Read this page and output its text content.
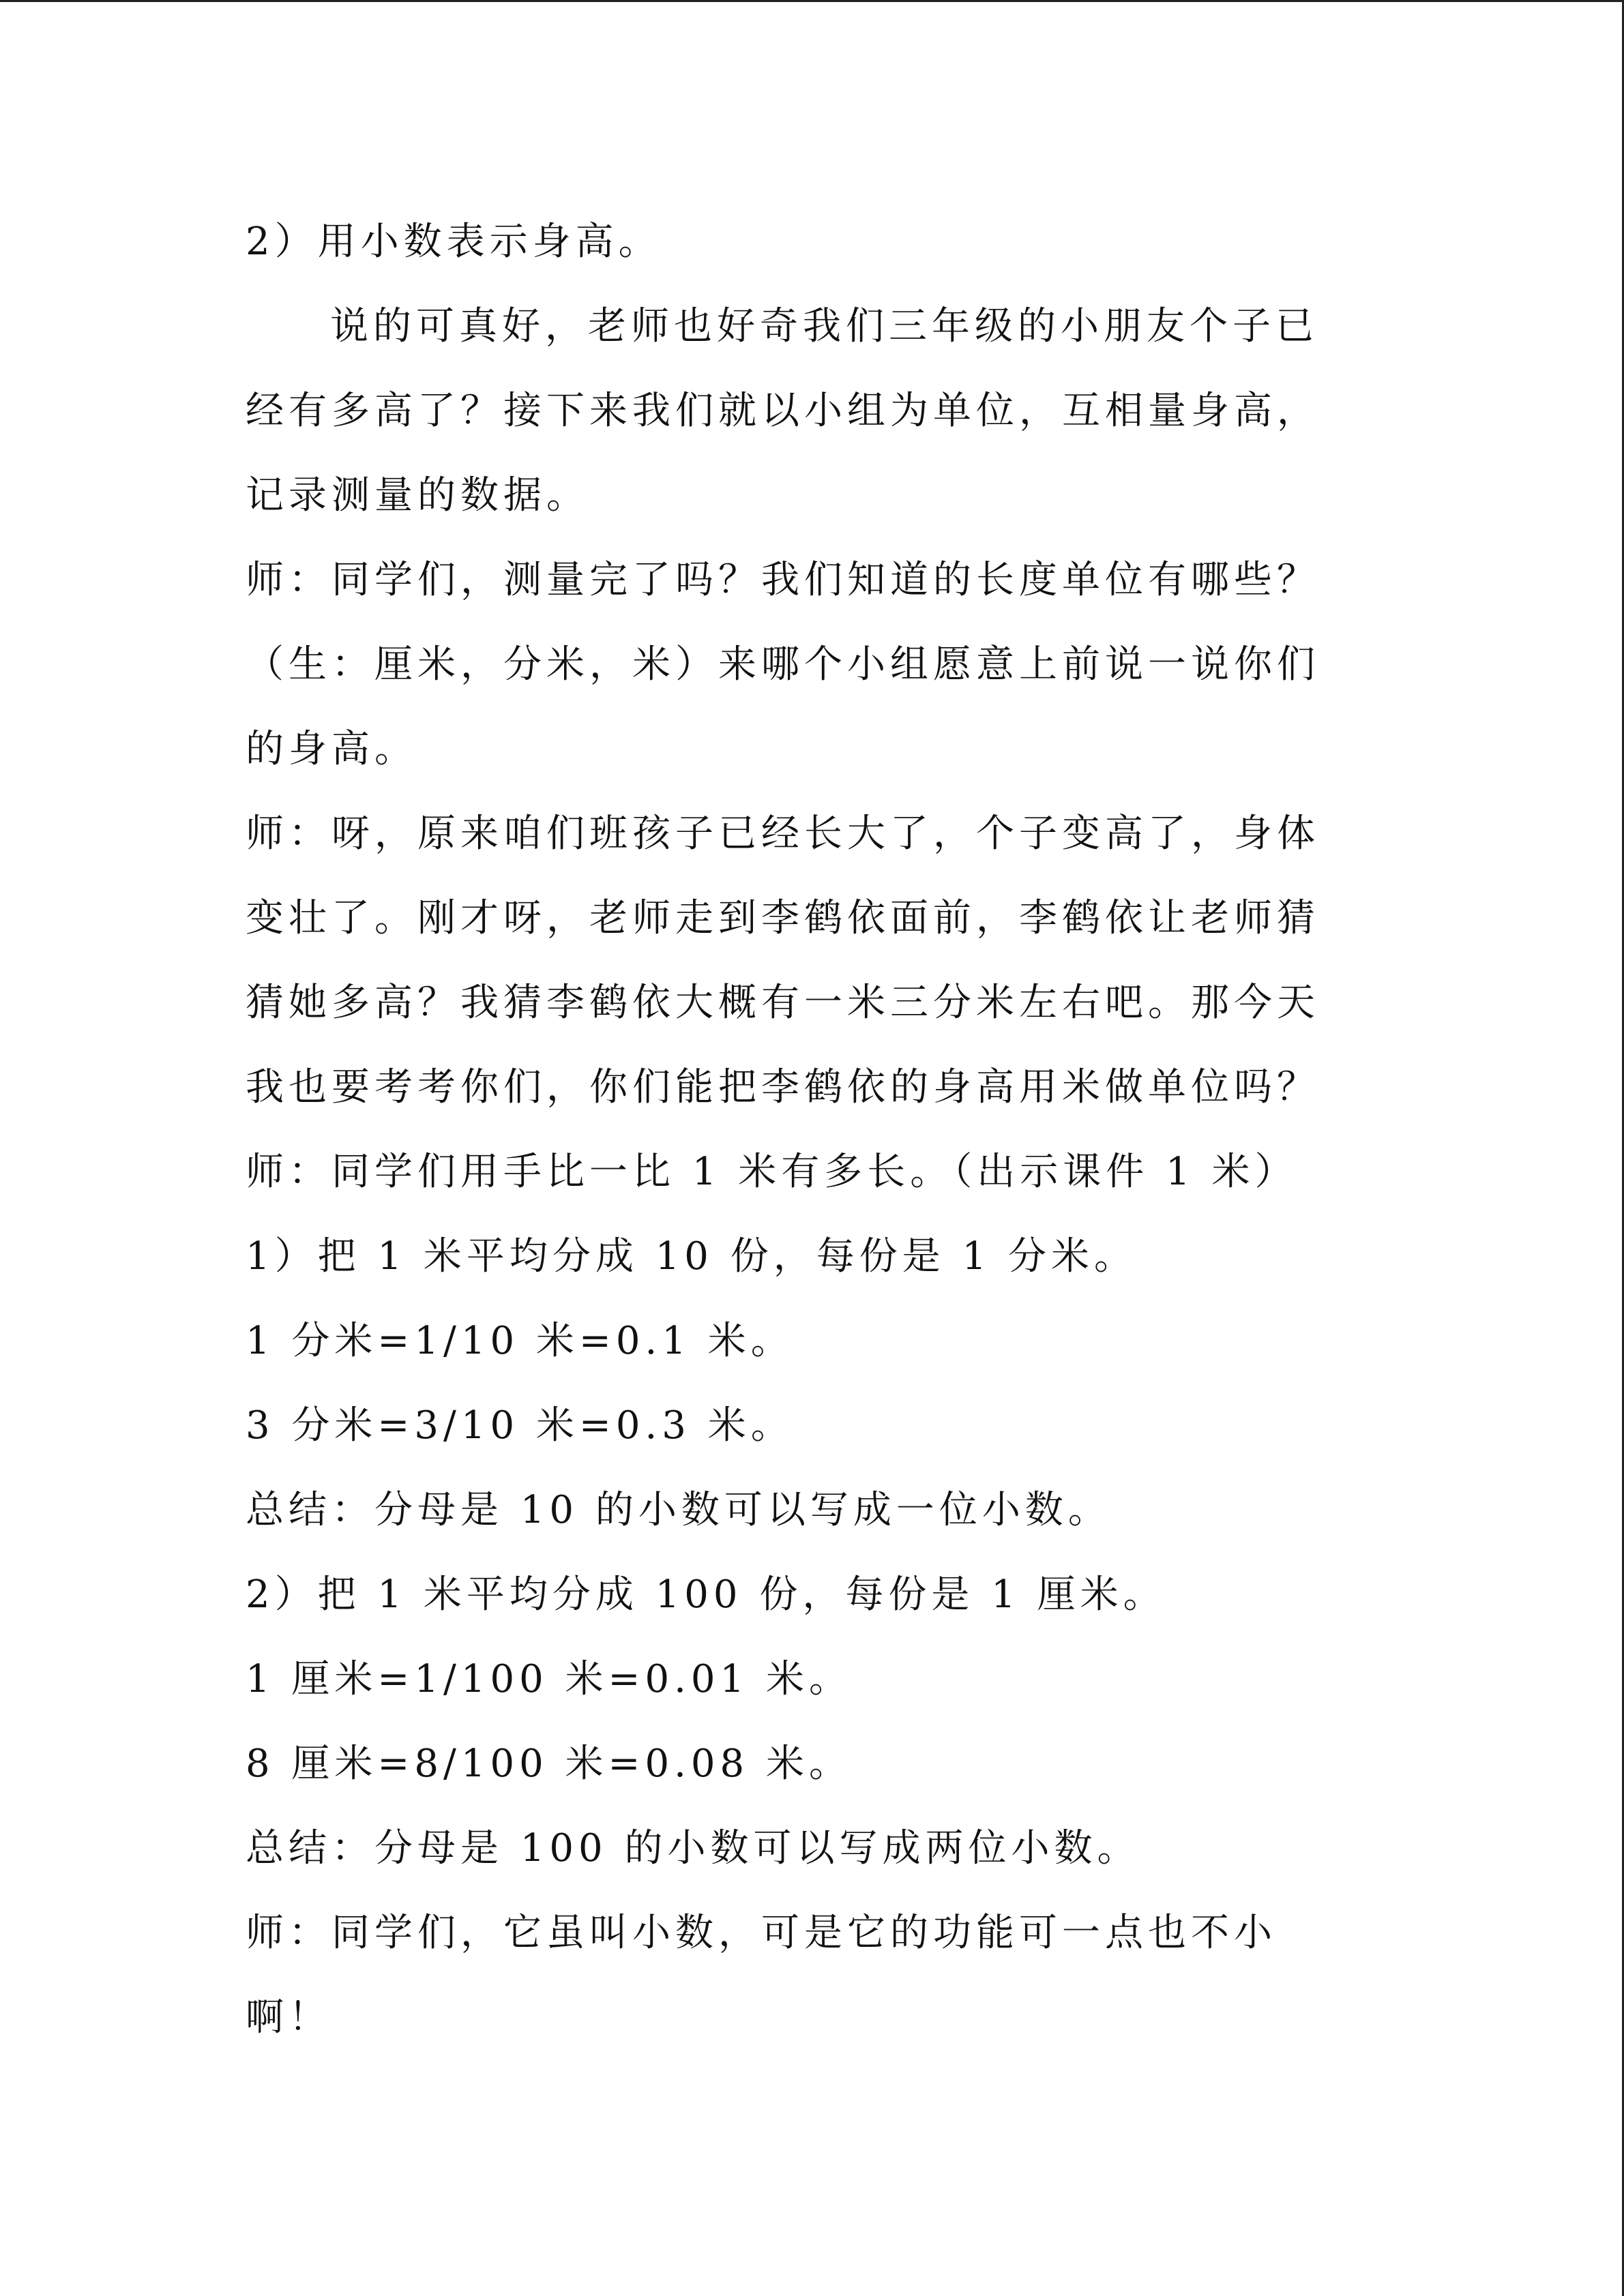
2）用小数表示身高。
说的可真好，老师也好奇我们三年级的小朋友个子已
经有多高了？接下来我们就以小组为单位，互相量身高，
记录测量的数据。
师：同学们，测量完了吗？我们知道的长度单位有哪些？
（生：厘米，分米，米）来哪个小组愿意上前说一说你们
的身高。
师：呀，原来咱们班孩子已经长大了，个子变高了，身体
变壮了。刚才呀，老师走到李鹤依面前，李鹤依让老师猜
猜她多高？我猜李鹤依大概有一米三分米左右吧。那今天
我也要考考你们，你们能把李鹤依的身高用米做单位吗？
师：同学们用手比一比 1 米有多长。（出示课件 1 米）
1）把 1 米平均分成 10 份，每份是 1 分米。
1 分米=1/10 米=0.1 米。
3 分米=3/10 米=0.3 米。
总结：分母是 10 的小数可以写成一位小数。
2）把 1 米平均分成 100 份，每份是 1 厘米。
1 厘米=1/100 米=0.01 米。
8 厘米=8/100 米=0.08 米。
总结：分母是 100 的小数可以写成两位小数。
师：同学们，它虽叫小数，可是它的功能可一点也不小
啊！
